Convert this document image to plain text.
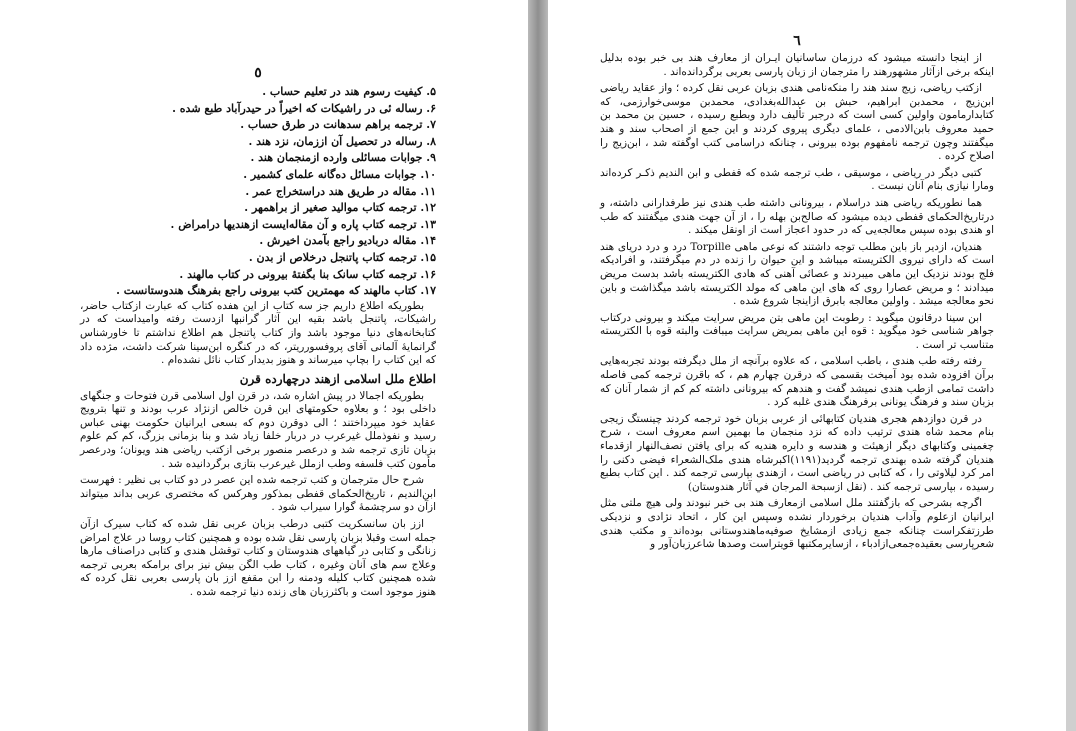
٥
۵. کیفیت رسوم هند در تعلیم حساب .
۶. رساله ئی در راشیکات که اخیراً در حیدرآباد طبع شده .
۷. ترجمه براهم سدهانت در طرق حساب .
۸. رساله در تحصیل آن اززمان، نزد هند .
۹. جوابات مسائلی وارده ازمنجمان هند .
۱۰. جوابات مسائل ده‌گانه علمای کشمیر .
۱۱. مقاله در طریق هند دراستخراج عمر .
۱۲. ترجمه کتاب موالید صغیر از براهمهر .
۱۳. ترجمه کتاب پاره و آن مقاله‌ایست ازهندیها درامراض .
۱۴. مقاله دربادیو راجع بآمدن اخیرش .
۱۵. ترجمه کتاب پاتنجل درخلاص از بدن .
۱۶. ترجمه کتاب سانک بنا بگفتهٔ بیرونی در کتاب مالهند .
۱۷. کتاب مالهند که مهمترین کتب بیرونی راجع بفرهنگ هندوستانست .

بطوریکه اطلاع داریم جز سه کتاب از این هفده کتاب که عبارت ازکتاب حاضر، راشیکات، پاتنجل باشد بقیه این آثار گرانبها ازدست رفته وامیداست که در کتابخانه‌های دنیا موجود باشد واز کتاب پاتنجل هم اطلاع نداشتم تا خاورشناس گرانمایهٔ آلمانی آقای پروفسورریتر، که در کنگره ابن‌سینا شرکت داشت، مژده داد که این کتاب را بچاپ میرساند و هنوز بدیدار کتاب نائل نشده‌ام .

اطلاع ملل اسلامی ازهند درچهارده قرن

بطوریکه اجمالا در پیش اشاره شد، در قرن اول اسلامی قرن فتوحات و جنگهای داخلی بود ؛ و بعلاوه حکومتهای این قرن خالص ازنژاد عرب بودند و تنها بترویج عقاید خود میپرداختند ؛ الی دوقرن دوم که بسعی ایرانیان حکومت بهنی عباس رسید و نفوذملل غیرعرب در دربار خلفا زیاد شد و بنا بزمانی بزرگ، کم کم علوم بزبان تازی ترجمه شد و درعصر منصور برخی ازکتب ریاضی هند ویونان؛ ودرعصر مأمون کتب فلسفه وطب ازملل غیرعرب بتازی برگردانیده شد .

شرح حال مترجمان و کتب ترجمه شده این عصر در دو کتاب بی نظیر : فهرست ابن‌الندیم ، تاریخ‌الحکمای قفطی بمذکور وهرکس که مختصری عربی بداند میتواند ازآن دو سرچشمهٔ گوارا سیراب شود .

ازز بان سانسکریت کتبی درطب بزبان عربی نقل شده که کتاب سیرک ازآن جمله است وقبلا بزبان پارسی نقل شده بوده و همچنین کتاب روسا در علاج امراض زنانگی و کتابی در گیاههای هندوستان و کتاب توقشل هندی و کتابی دراصناف مارها وعلاج سم های آنان وغیره ، کتاب طب الگن بیش نیز برای برامکه بعربی ترجمه شده همچنین کتاب کلیله ودمنه را ابن مقفع ازز بان پارسی بعربی نقل کرده که هنوز موجود است و باکثرزبان های زنده دنیا ترجمه شده .

٦

از اینجا دانسته میشود که درزمان ساسانیان ایـران از معارف هند بی خبر بوده بدلیل اینکه برخی ازآثار مشهورهند را مترجمان از زبان پارسی بعربی برگردانده‌اند .

ازکتب ریاضی، زیج سند هند را منکه‌نامی هندی بزبان عربی نقل کرده ؛ واز عقاید ریاضی ابن‌زیج ، محمدبن ابراهیم، حبش بن عبدالله‌بغدادی، محمدبن موسی‌خوارزمی، که کتابدارمامون واولین کسی است که درجبر تألیف دارد وبطبع رسیده ، حسین بن محمد بن حمید معروف بابن‌الادمی ، علمای دیگری پیروی کردند و این جمع از اصحاب سند و هند میگفتند وچون ترجمه نامفهوم بوده بیرونی ، چنانکه دراسامی کتب اوگفته شد ، ابن‌زیج را اصلاح کرده .

کتبی دیگر در ریاضی ، موسیقی ، طب ترجمه شده که قفطی و ابن الندیم ذکـر کرده‌اند ومارا نیازی بنام آنان نیست .

هما نطوریکه ریاضی هند دراسلام ، بیرونانی داشته طب هندی نیز طرفدارانی داشته، و درتاریخ‌الحکمای قفطی دیده میشود که صالح‌بن بهله را ، از آن جهت هندی میگفتند که طب او هندی بوده سپس معالجه‌یی که در حدود اعجاز است از اونقل میکند .

هندیان، ازدیر باز باین مطلب توجه داشتند که نوعی ماهی Torpille درد و درد دریای هند است که دارای نیروی الکتریسته میباشد و این حیوان را زنده در دم میگرفتند، و افرادیکه فلج بودند نزدیک این ماهی میبردند و عصائی آهنی که هادی الکتریسته باشد بدست مریض میدادند ؛ و مریض عصارا روی که های این ماهی که مولد الکتریسته باشد میگذاشت و باین نحو معالجه میشد . واولین معالجه بابرق ازاینجا شروع شده .

ابن سینا درقانون میگوید : رطوبت این ماهی بتن مریض سرایت میکند و بیرونی درکتاب جواهر شناسی خود میگوید : قوه این ماهی بمریض سرایت میبافت والبته قوه با الکتریسته متناسب تر است .

رفته رفته طب هندی ، باطب اسلامی ، که علاوه برآنچه از ملل دیگرفته بودند تجربه‌هایی برآن افزوده شده بود آمیخت بقسمی که درقرن چهارم هم ، که باقرن ترجمه کمی فاصله داشت تمامی ازطب هندی نمیشد گفت و هندهم که بیرونانی داشته کم کم از شمار آنان که بزبان سند و فرهنگ یونانی برفرهنگ هندی غلبه کرد .

در قرن دوازدهم هجری هندیان کتابهائی از عربی بزبان خود ترجمه کردند چینستگ زیجی بنام محمد شاه هندی ترتیب داده که نزد منجمان ما بهمین اسم معروف است ، شرح چغمینی وکتابهای دیگر ازهیئت و هندسه و دایره هندیه که برای یافتن نصف‌النهار ازقدماء هندیان گرفته شده بهندی ترجمه گردید(۱۱۹۱)اکبرشاه هندی ملک‌الشعراء فیضی دکنی را امر کرد لیلاوتی را ، که کتابی در ریاضی است ، ازهندی بپارسی ترجمه کند . این کتاب بطبع رسیده ، بپارسی ترجمه کند . (نقل ازسبحة المرجان في آثار هندوستان)

اگرچه بشرحی که بازگفتند ملل اسلامی ازمعارف هند بی خبر نبودند ولی هیچ ملتی مثل ایرانیان ازعلوم وآداب هندیان برخوردار نشده وسپس این کار ، اتحاد نژادی و نزدیکی طرزتفکراست چنانکه جمع زیادی ازمشایخ صوفیه‌ماهندوستانی بوده‌اند و مکتب هندی شعرپارسی بعقیده‌جمعی‌ازادباء ، ازسایرمکتبها قویتراست وصدها شاعرزبان‌آور و
